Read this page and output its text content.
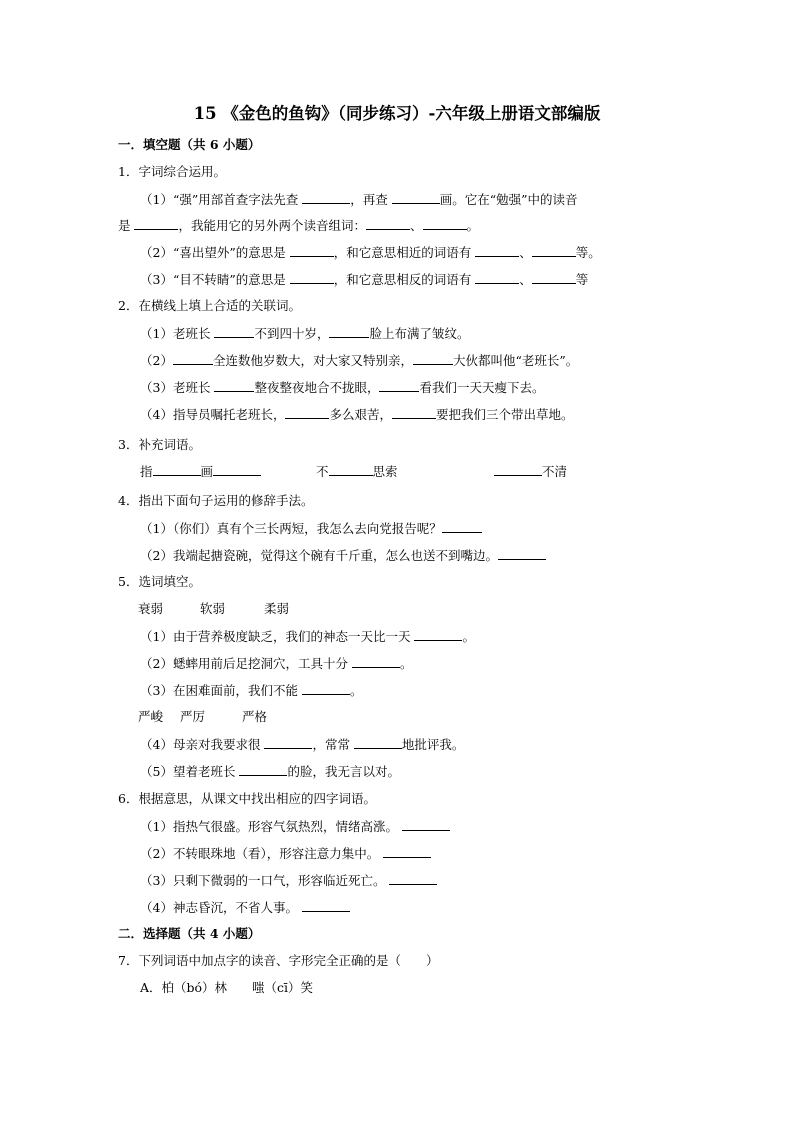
15 《金色的鱼钩》（同步练习）-六年级上册语文部编版
一．填空题（共 6 小题）
1．字词综合运用。
（1）“强”用部首查字法先查	，再查	画。它在“勉强”中的读音
是	，我能用它的另外两个读音组词：	、	。
（2）“喜出望外”的意思是	，和它意思相近的词语有	、	等。
（3）“目不转睛”的意思是	，和它意思相反的词语有	、	等
2．在横线上填上合适的关联词。
（1）老班长	不到四十岁，	脸上布满了皱纹。
（2）	全连数他岁数大，对大家又特别亲，	大伙都叫他“老班长”。
（3）老班长	整夜整夜地合不拢眼，	看我们一天天瘦下去。
（4）指导员嘱托老班长，	多么艰苦，	要把我们三个带出草地。
3．补充词语。
指	画	不	思索	不清
4．指出下面句子运用的修辞手法。
（1）（你们）真有个三长两短，我怎么去向党报告呢？
（2）我端起搪瓷碗，觉得这个碗有千斤重，怎么也送不到嘴边。
5．选词填空。
衰弱	软弱	柔弱
（1）由于营养极度缺乏，我们的神态一天比一天	。
（2）蟋蟀用前后足挖洞穴，工具十分	。
（3）在困难面前，我们不能	。
严峻 严厉	严格
（4）母亲对我要求很	，常常	地批评我。
（5）望着老班长	的脸，我无言以对。
6．根据意思，从课文中找出相应的四字词语。
（1）指热气很盛。形容气氛热烈，情绪高涨。
（2）不转眼珠地（看），形容注意力集中。
（3）只剩下微弱的一口气，形容临近死亡。
（4）神志昏沉，不省人事。
二．选择题（共 4 小题）
7．下列词语中加点字的读音、字形完全正确的是（　　）
A．柏（bó）林　　嗤（cī）笑
